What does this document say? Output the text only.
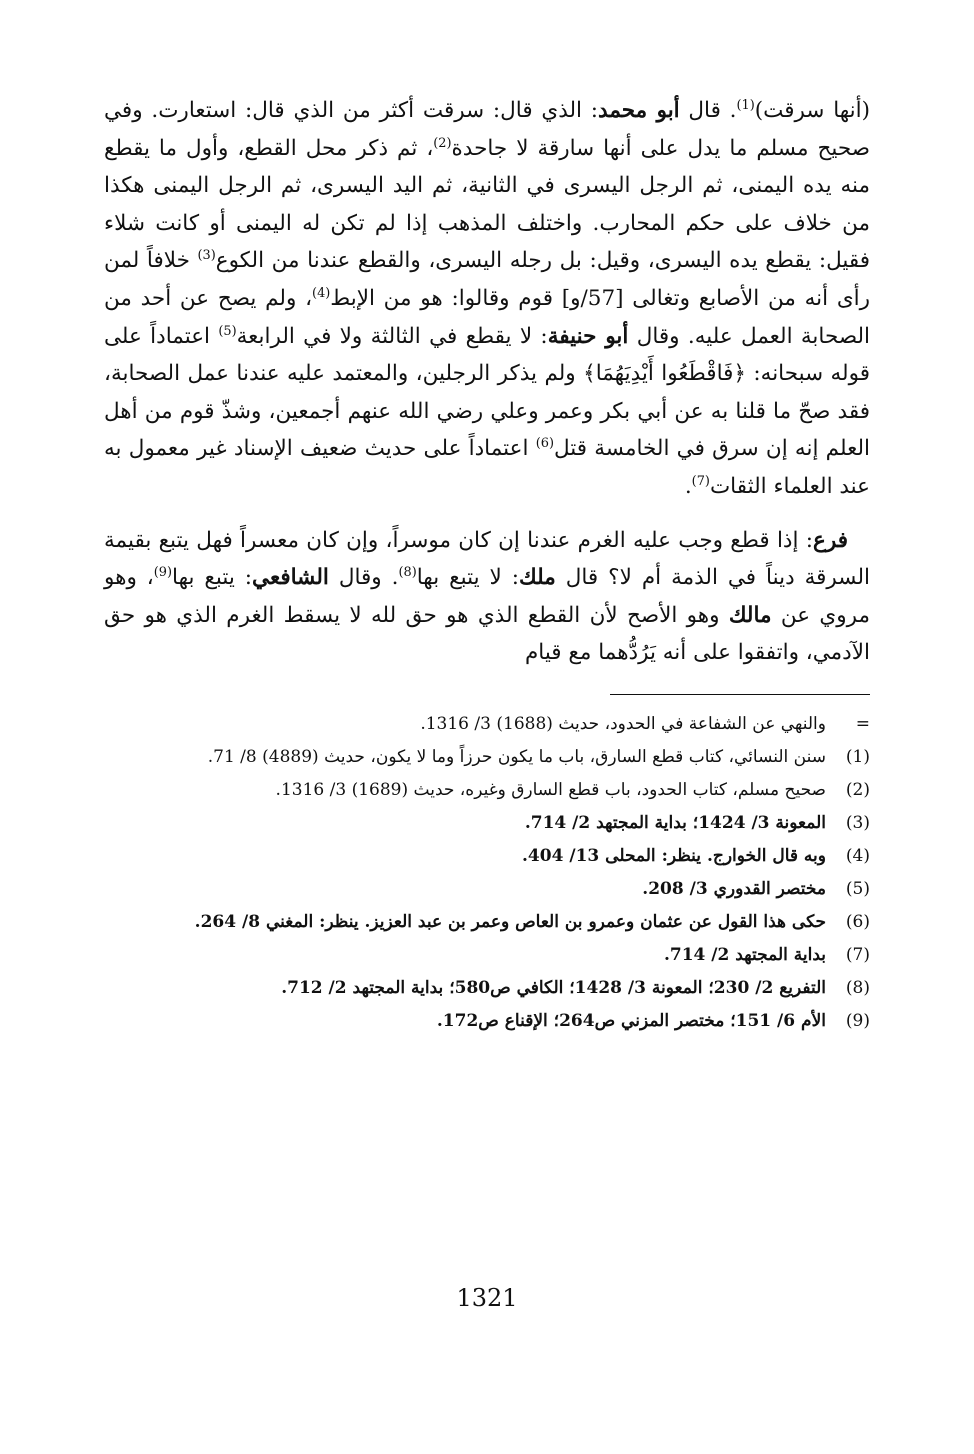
(أنها سرقت)$^{(1)}$. قال أبو محمد: الذي قال: سرقت أكثر من الذي قال: استعارت. وفي صحيح مسلم ما يدل على أنها سارقة لا جاحدة$^{(2)}$، ثم ذكر محل القطع، وأول ما يقطع منه يده اليمنى، ثم الرجل اليسرى في الثانية، ثم اليد اليسرى، ثم الرجل اليمنى هكذا من خلاف على حكم المحارب. واختلف المذهب إذا لم تكن له اليمنى أو كانت شلاء فقيل: يقطع يده اليسرى، وقيل: بل رجله اليسرى، والقطع عندنا من الكوع$^{(3)}$ خلافاً لمن رأى أنه من الأصابع وتغالى [57/و] قوم وقالوا: هو من الإبط$^{(4)}$، ولم يصح عن أحد من الصحابة العمل عليه. وقال أبو حنيفة: لا يقطع في الثالثة ولا في الرابعة$^{(5)}$ اعتماداً على قوله سبحانه: ﴿فَاقْطَعُوا أَيْدِيَهُمَا﴾ ولم يذكر الرجلين، والمعتمد عليه عندنا عمل الصحابة، فقد صحّ ما قلنا به عن أبي بكر وعمر وعلي رضي الله عنهم أجمعين، وشذّ قوم من أهل العلم إنه إن سرق في الخامسة قتل$^{(6)}$ اعتماداً على حديث ضعيف الإسناد غير معمول به عند العلماء الثقات$^{(7)}$.

فرع: إذا قطع وجب عليه الغرم عندنا إن كان موسراً، وإن كان معسراً فهل يتبع بقيمة السرقة ديناً في الذمة أم لا؟ قال ملك: لا يتبع بها$^{(8)}$. وقال الشافعي: يتبع بها$^{(9)}$، وهو مروي عن مالك وهو الأصح لأن القطع الذي هو حق لله لا يسقط الغرم الذي هو حق الآدمي، واتفقوا على أنه يَرُدُّهما مع قيام

=
والنهي عن الشفاعة في الحدود، حديث (1688) 3/ 1316.
(1)
سنن النسائي، كتاب قطع السارق، باب ما يكون حرزاً وما لا يكون، حديث (4889) 8/ 71.
(2)
صحيح مسلم، كتاب الحدود، باب قطع السارق وغيره، حديث (1689) 3/ 1316.
(3)
المعونة 3/ 1424؛ بداية المجتهد 2/ 714.
(4)
وبه قال الخوارج. ينظر: المحلى 13/ 404.
(5)
مختصر القدوري 3/ 208.
(6)
حكى هذا القول عن عثمان وعمرو بن العاص وعمر بن عبد العزيز. ينظر: المغني 8/ 264.
(7)
بداية المجتهد 2/ 714.
(8)
التفريع 2/ 230؛ المعونة 3/ 1428؛ الكافي ص580؛ بداية المجتهد 2/ 712.
(9)
الأم 6/ 151؛ مختصر المزني ص264؛ الإقناع ص172.
1321
